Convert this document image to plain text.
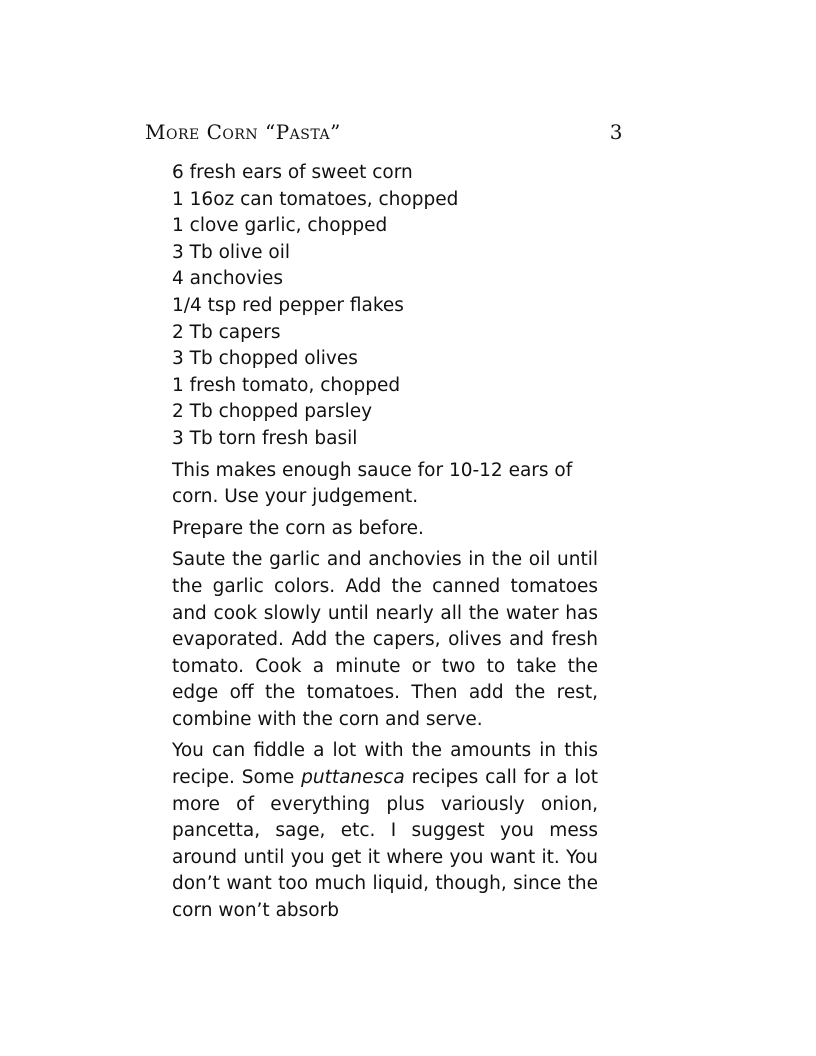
More Corn “Pasta”	3
6 fresh ears of sweet corn
1 16oz can tomatoes, chopped
1 clove garlic, chopped
3 Tb olive oil
4 anchovies
1/4 tsp red pepper flakes
2 Tb capers
3 Tb chopped olives
1 fresh tomato, chopped
2 Tb chopped parsley
3 Tb torn fresh basil

This makes enough sauce for 10-12 ears of corn. Use your judgement.

Prepare the corn as before.

Saute the garlic and anchovies in the oil until the garlic colors. Add the canned tomatoes and cook slowly until nearly all the water has evaporated. Add the capers, olives and fresh tomato. Cook a minute or two to take the edge off the tomatoes. Then add the rest, combine with the corn and serve.

You can fiddle a lot with the amounts in this recipe. Some puttanesca recipes call for a lot more of everything plus variously onion, pancetta, sage, etc. I suggest you mess around until you get it where you want it. You don’t want too much liquid, though, since the corn won’t absorb
